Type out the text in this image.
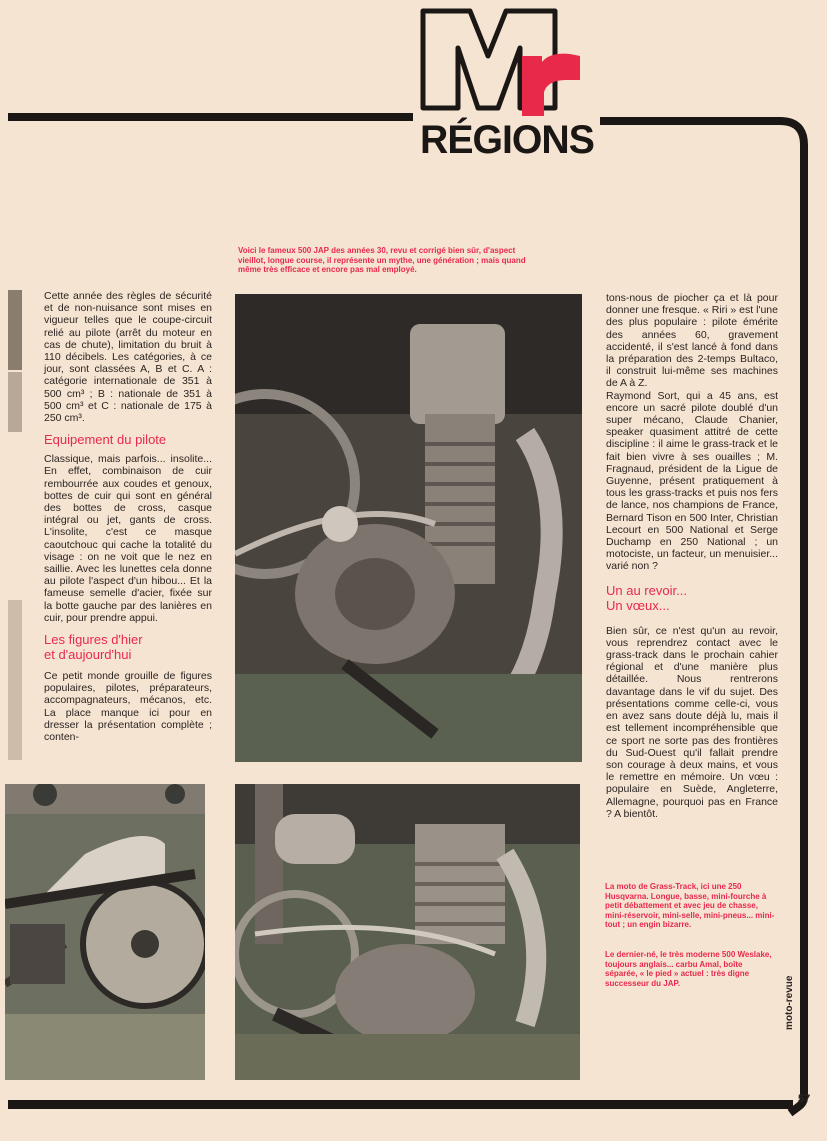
RÉGIONS
Voici le fameux 500 JAP des années 30, revu et corrigé bien sûr, d'aspect vieillot, longue course, il représente un mythe, une génération ; mais quand même très efficace et encore pas mal employé.

Cette année des règles de sécurité et de non-nuisance sont mises en vigueur telles que le coupe-circuit relié au pilote (arrêt du moteur en cas de chute), limitation du bruit à 110 décibels. Les catégories, à ce jour, sont classées A, B et C. A : catégorie internationale de 351 à 500 cm³ ; B : nationale de 351 à 500 cm³ et C : nationale de 175 à 250 cm³.

Equipement du pilote

Classique, mais parfois... insolite... En effet, combinaison de cuir rembourrée aux coudes et genoux, bottes de cuir qui sont en général des bottes de cross, casque intégral ou jet, gants de cross. L'insolite, c'est ce masque caoutchouc qui cache la totalité du visage : on ne voit que le nez en saillie. Avec les lunettes cela donne au pilote l'aspect d'un hibou... Et la fameuse semelle d'acier, fixée sur la botte gauche par des lanières en cuir, pour prendre appui.

Les figures d'hier
et d'aujourd'hui

Ce petit monde grouille de figures populaires, pilotes, préparateurs, accompagnateurs, mécanos, etc. La place manque ici pour en dresser la présentation complète ; conten-

tons-nous de piocher ça et là pour donner une fresque. « Riri » est l'une des plus populaire : pilote émérite des années 60, gravement accidenté, il s'est lancé à fond dans la préparation des 2-temps Bultaco, il construit lui-même ses machines de A à Z.

Raymond Sort, qui a 45 ans, est encore un sacré pilote doublé d'un super mécano, Claude Chanier, speaker quasiment attitré de cette discipline : il aime le grass-track et le fait bien vivre à ses ouailles ; M. Fragnaud, président de la Ligue de Guyenne, présent pratiquement à tous les grass-tracks et puis nos fers de lance, nos champions de France, Bernard Tison en 500 Inter, Christian Lecourt en 500 National et Serge Duchamp en 250 National ; un motociste, un facteur, un menuisier... varié non ?

Un au revoir...
Un vœux...

Bien sûr, ce n'est qu'un au revoir, vous reprendrez contact avec le grass-track dans le prochain cahier régional et d'une manière plus détaillée. Nous rentrerons davantage dans le vif du sujet. Des présentations comme celle-ci, vous en avez sans doute déjà lu, mais il est tellement incompréhensible que ce sport ne sorte pas des frontières du Sud-Ouest qu'il fallait prendre son courage à deux mains, et vous le remettre en mémoire. Un vœu : populaire en Suède, Angleterre, Allemagne, pourquoi pas en France ? A bientôt.

La moto de Grass-Track, ici une 250 Husqvarna. Longue, basse, mini-fourche à petit débattement et avec jeu de chasse, mini-réservoir, mini-selle, mini-pneus... mini-tout ; un engin bizarre.
Le dernier-né, le très moderne 500 Weslake, toujours anglais... carbu Amal, boîte séparée, « le pied » actuel : très digne successeur du JAP.	moto-revue
57
